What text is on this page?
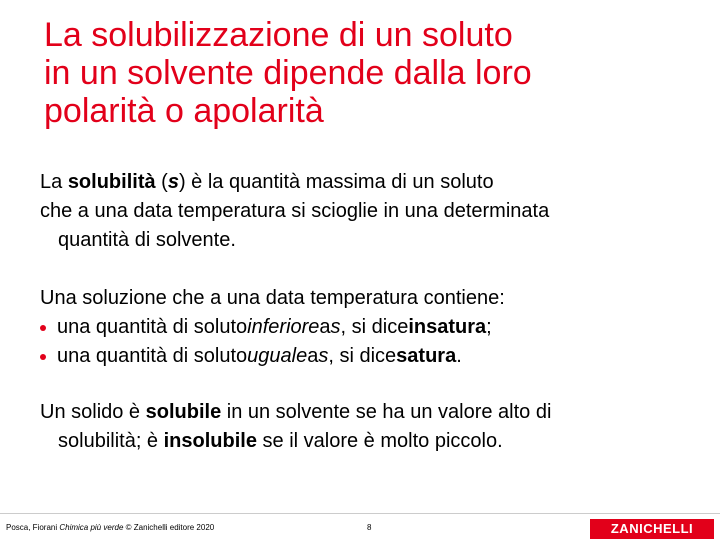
La solubilizzazione di un soluto
in un solvente dipende dalla loro
polarità o apolarità
La solubilità (s) è la quantità massima di un soluto
che a una data temperatura si scioglie in una determinata
quantità di solvente.
Una soluzione che a una data temperatura contiene:
una quantità di soluto inferiore a s , si dice insatura ;
una quantità di soluto uguale a s , si dice satura .
Un solido è solubile in un solvente se ha un valore alto di
solubilità; è insolubile se il valore è molto piccolo.
Posca, Fiorani Chimica più verde © Zanichelli editore 2020	8	ZANICHELLI
